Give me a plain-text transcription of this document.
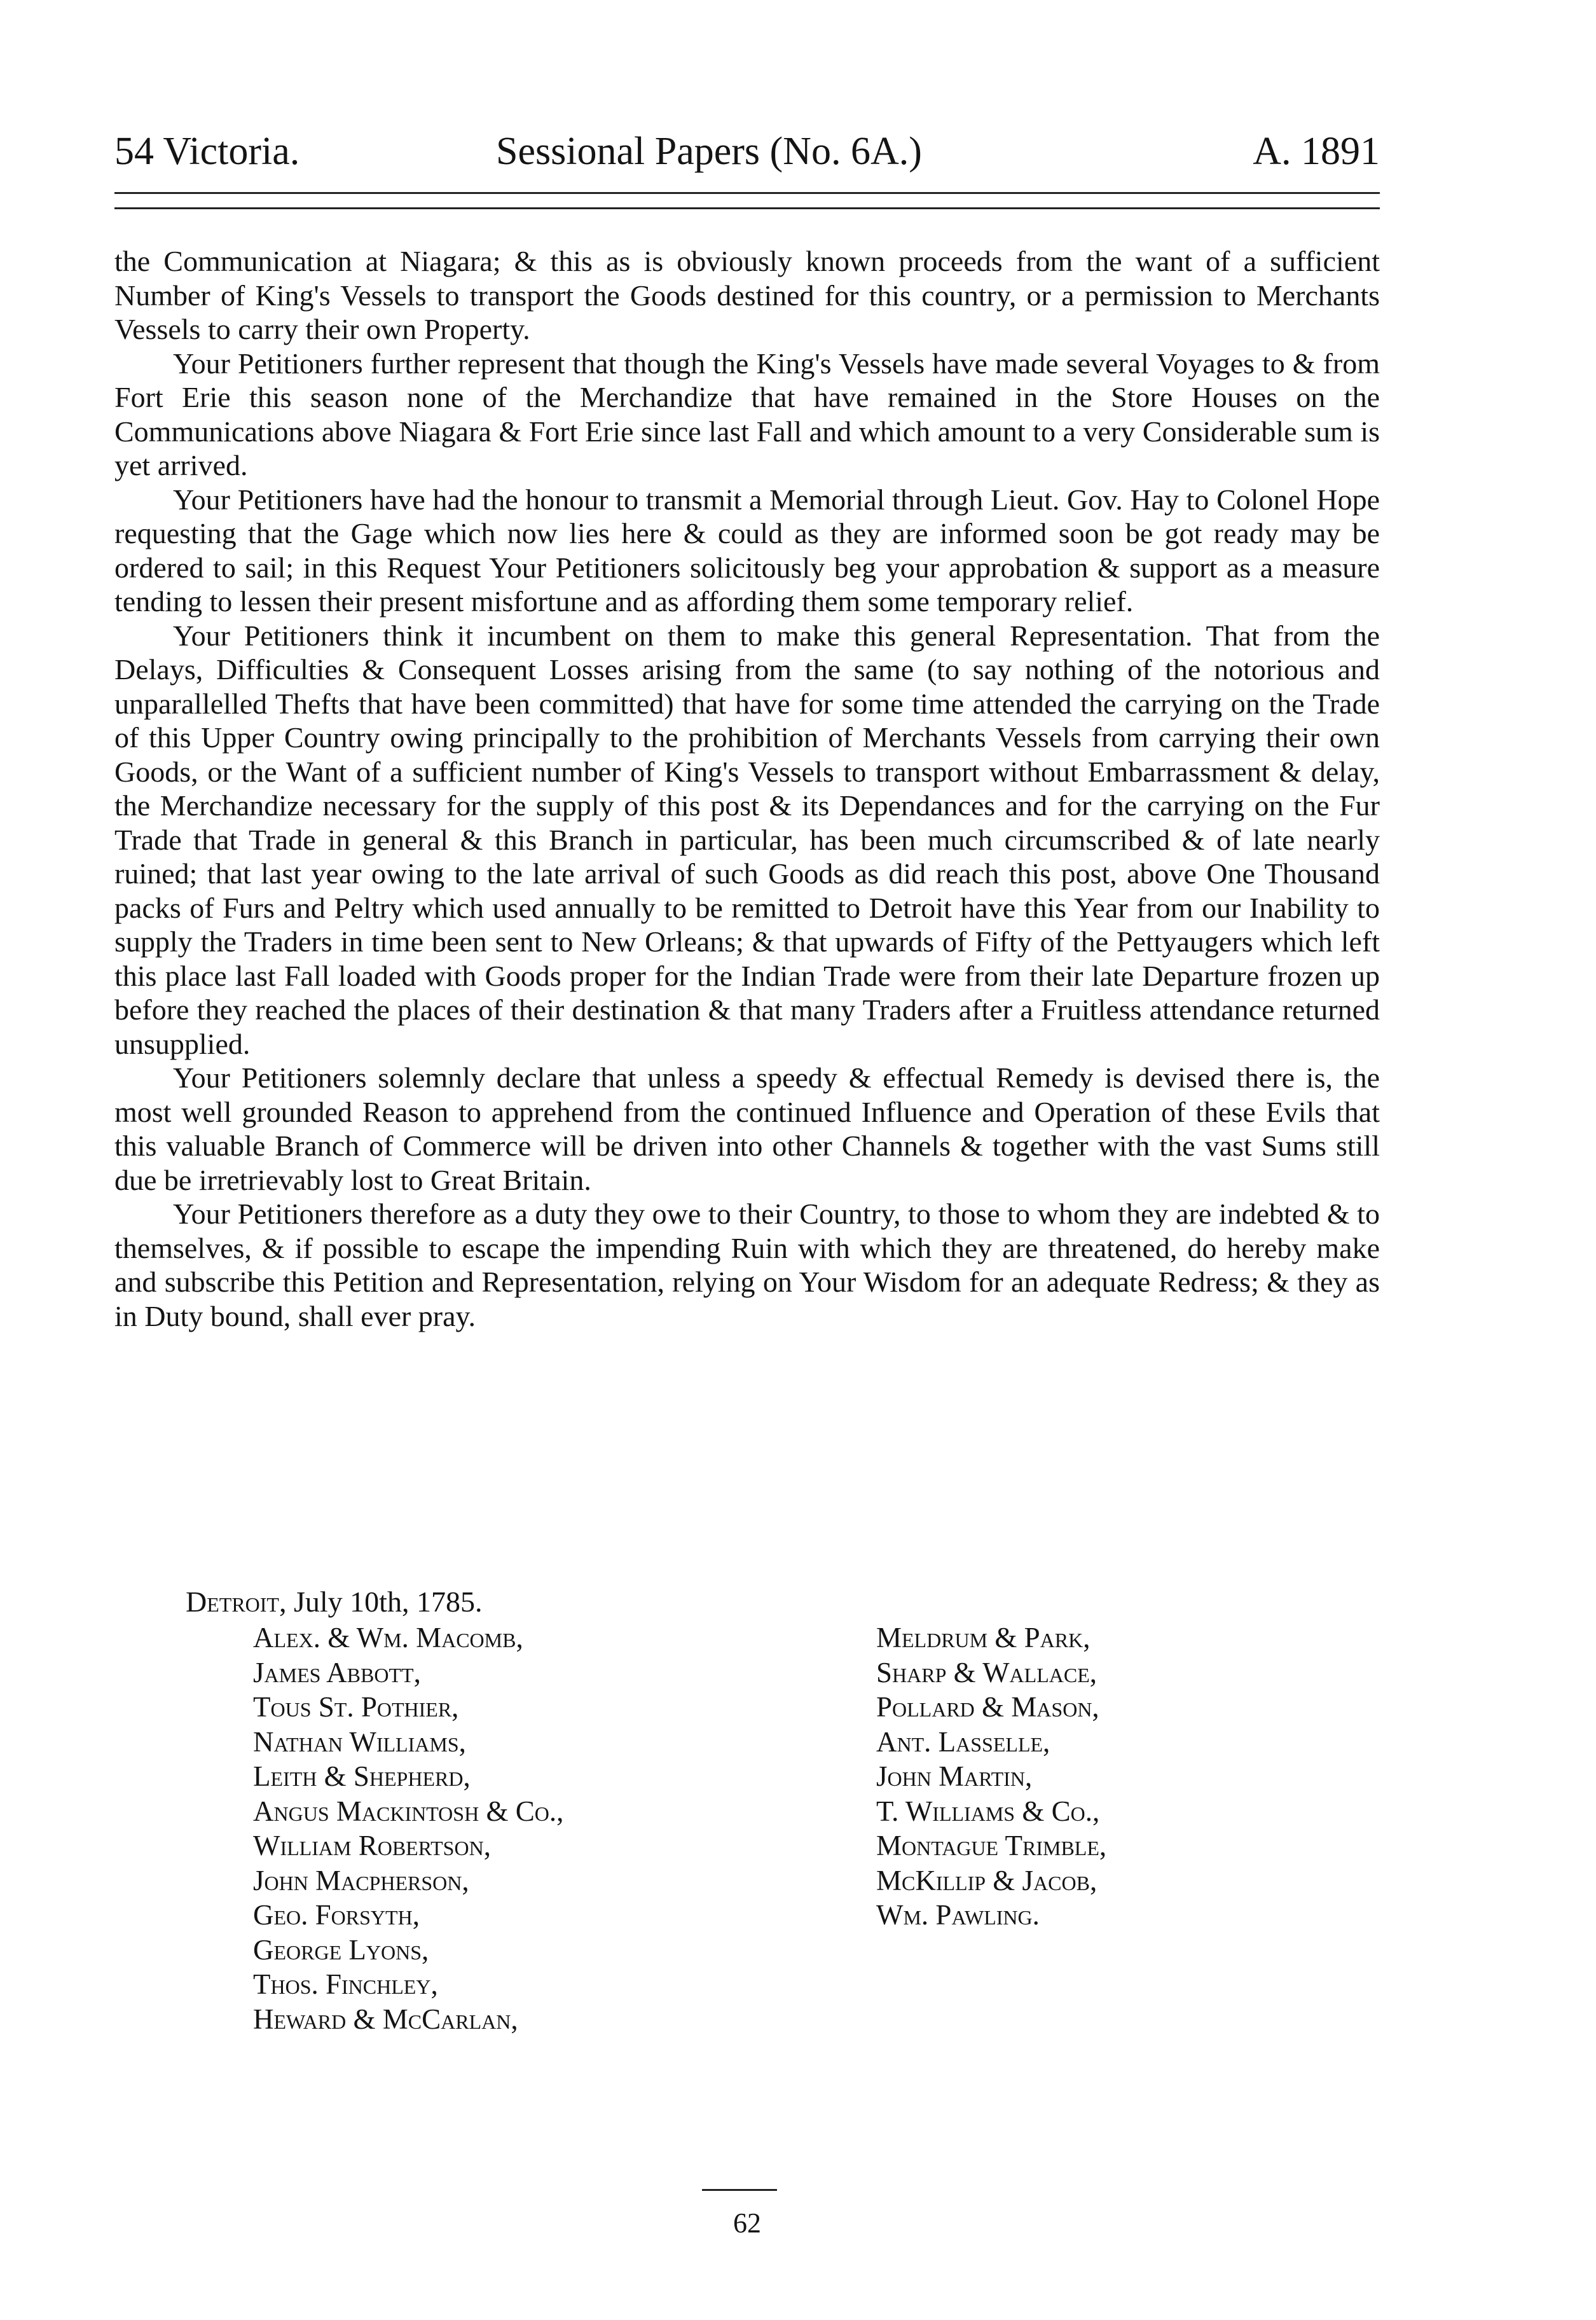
54 Victoria.	Sessional Papers (No. 6A.)	A. 1891

the Communication at Niagara; & this as is obviously known proceeds from the want of a sufficient Number of King's Vessels to transport the Goods destined for this country, or a permission to Merchants Vessels to carry their own Property.

Your Petitioners further represent that though the King's Vessels have made several Voyages to & from Fort Erie this season none of the Merchandize that have remained in the Store Houses on the Communications above Niagara & Fort Erie since last Fall and which amount to a very Considerable sum is yet arrived.

Your Petitioners have had the honour to transmit a Memorial through Lieut. Gov. Hay to Colonel Hope requesting that the Gage which now lies here & could as they are informed soon be got ready may be ordered to sail; in this Request Your Petitioners solicitously beg your approbation & support as a measure tending to lessen their present misfortune and as affording them some temporary relief.

Your Petitioners think it incumbent on them to make this general Representation. That from the Delays, Difficulties & Consequent Losses arising from the same (to say nothing of the notorious and unparallelled Thefts that have been committed) that have for some time attended the carrying on the Trade of this Upper Country owing principally to the prohibition of Merchants Vessels from carrying their own Goods, or the Want of a sufficient number of King's Vessels to transport without Embarrassment & delay, the Merchandize necessary for the supply of this post & its Dependances and for the carrying on the Fur Trade that Trade in general & this Branch in particular, has been much circumscribed & of late nearly ruined; that last year owing to the late arrival of such Goods as did reach this post, above One Thousand packs of Furs and Peltry which used annually to be remitted to Detroit have this Year from our Inability to supply the Traders in time been sent to New Orleans; & that upwards of Fifty of the Pettyaugers which left this place last Fall loaded with Goods proper for the Indian Trade were from their late Departure frozen up before they reached the places of their destination & that many Traders after a Fruitless attendance returned unsupplied.

Your Petitioners solemnly declare that unless a speedy & effectual Remedy is devised there is, the most well grounded Reason to apprehend from the continued Influence and Operation of these Evils that this valuable Branch of Commerce will be driven into other Channels & together with the vast Sums still due be irretrievably lost to Great Britain.

Your Petitioners therefore as a duty they owe to their Country, to those to whom they are indebted & to themselves, & if possible to escape the impending Ruin with which they are threatened, do hereby make and subscribe this Petition and Representation, relying on Your Wisdom for an adequate Redress; & they as in Duty bound, shall ever pray.

Detroit, July 10th, 1785.
Alex. & Wm. Macomb,
James Abbott,
Tous St. Pothier,
Nathan Williams,
Leith & Shepherd,
Angus Mackintosh & Co.,
William Robertson,
John Macpherson,
Geo. Forsyth,
George Lyons,
Thos. Finchley,
Heward & McCarlan,
Meldrum & Park,
Sharp & Wallace,
Pollard & Mason,
Ant. Lasselle,
John Martin,
T. Williams & Co.,
Montague Trimble,
McKillip & Jacob,
Wm. Pawling.
62
